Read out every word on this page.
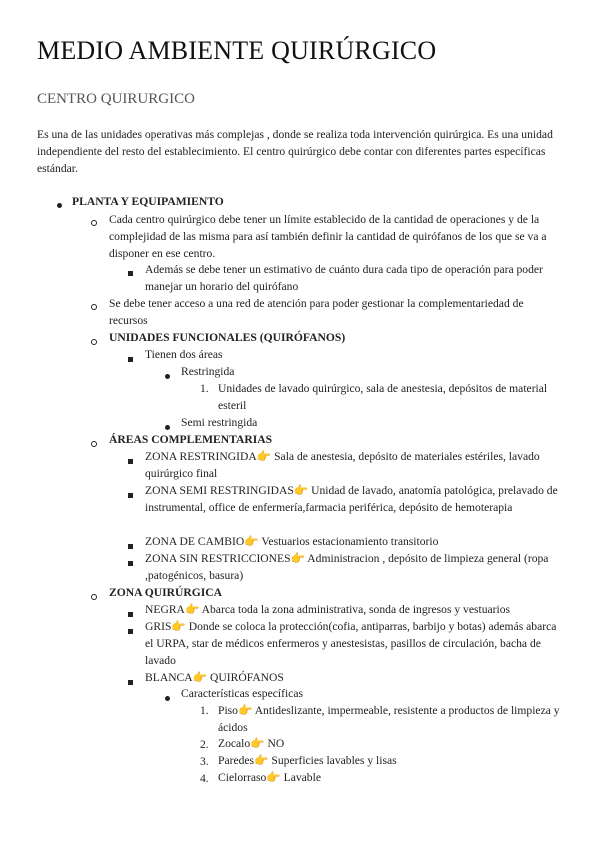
MEDIO AMBIENTE QUIRÚRGICO
CENTRO QUIRURGICO
Es una de las unidades operativas más complejas , donde se realiza toda intervención quirúrgica. Es una unidad independiente del resto del establecimiento. El centro quirúrgico debe contar con diferentes partes específicas estándar.
PLANTA Y EQUIPAMIENTO
Cada centro quirúrgico debe tener un límite establecido de la cantidad de operaciones y de la complejidad de las misma para así también definir la cantidad de quirófanos de los que se va a disponer en ese centro.
Además se debe tener un estimativo de cuánto dura cada tipo de operación para poder manejar un horario del quirófano
Se debe tener acceso a una red de atención para poder gestionar la complementariedad de recursos
UNIDADES FUNCIONALES (QUIRÓFANOS)
Tienen dos áreas
Restringida
1. Unidades de lavado quirúrgico, sala de anestesia, depósitos de material esteril
Semi restringida
ÁREAS COMPLEMENTARIAS
ZONA RESTRINGIDA👉 Sala de anestesia, depósito de materiales estériles, lavado quirúrgico final
ZONA SEMI RESTRINGIDAS👉 Unidad de lavado, anatomía patológica, prelavado de instrumental, office de enfermería,farmacia periférica, depósito de hemoterapia
ZONA DE CAMBIO👉 Vestuarios estacionamiento transitorio
ZONA SIN RESTRICCIONES👉 Administracion , depósito de limpieza general (ropa ,patogénicos, basura)
ZONA QUIRÚRGICA
NEGRA👉 Abarca toda la zona administrativa, sonda de ingresos y vestuarios
GRIS👉 Donde se coloca la protección(cofia, antiparras, barbijo y botas) además abarca el URPA, star de médicos enfermeros y anestesistas, pasillos de circulación, bacha de lavado
BLANCA👉 QUIRÓFANOS
Características específicas
1. Piso👉 Antideslizante, impermeable, resistente a productos de limpieza y ácidos
2. Zocalo👉 NO
3. Paredes👉 Superficies lavables y lisas
4. Cielorraso👉 Lavable
